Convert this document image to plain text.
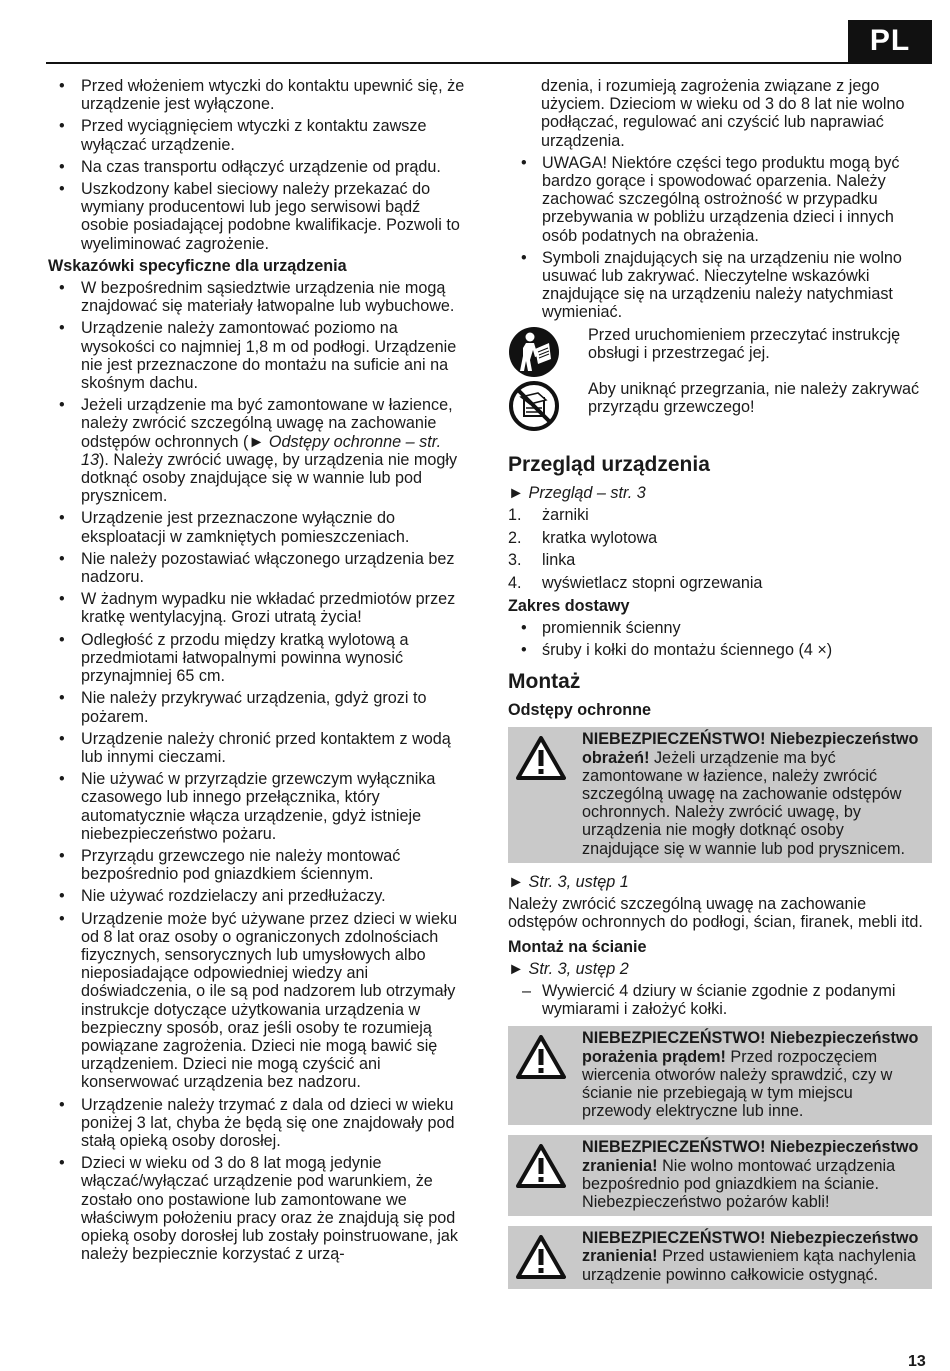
PL
• Przed włożeniem wtyczki do kontaktu upewnić się, że urządzenie jest wyłączone.
• Przed wyciągnięciem wtyczki z kontaktu zawsze wyłączać urządzenie.
• Na czas transportu odłączyć urządzenie od prądu.
• Uszkodzony kabel sieciowy należy przekazać do wymiany producentowi lub jego serwisowi bądź osobie posiadającej podobne kwalifikacje. Pozwoli to wyeliminować zagrożenie.
Wskazówki specyficzne dla urządzenia
• W bezpośrednim sąsiedztwie urządzenia nie mogą znajdować się materiały łatwopalne lub wybuchowe.
• Urządzenie należy zamontować poziomo na wysokości co najmniej 1,8 m od podłogi. Urządzenie nie jest przeznaczone do montażu na suficie ani na skośnym dachu.
• Jeżeli urządzenie ma być zamontowane w łazience, należy zwrócić szczególną uwagę na zachowanie odstępów ochronnych (► Odstępy ochronne – str. 13). Należy zwrócić uwagę, by urządzenia nie mogły dotknąć osoby znajdujące się w wannie lub pod prysznicem.
• Urządzenie jest przeznaczone wyłącznie do eksploatacji w zamkniętych pomieszczeniach.
• Nie należy pozostawiać włączonego urządzenia bez nadzoru.
• W żadnym wypadku nie wkładać przedmiotów przez kratkę wentylacyjną. Grozi utratą życia!
• Odległość z przodu między kratką wylotową a przedmiotami łatwopalnymi powinna wynosić przynajmniej 65 cm.
• Nie należy przykrywać urządzenia, gdyż grozi to pożarem.
• Urządzenie należy chronić przed kontaktem z wodą lub innymi cieczami.
• Nie używać w przyrządzie grzewczym wyłącznika czasowego lub innego przełącznika, który automatycznie włącza urządzenie, gdyż istnieje niebezpieczeństwo pożaru.
• Przyrządu grzewczego nie należy montować bezpośrednio pod gniazdkiem ściennym.
• Nie używać rozdzielaczy ani przedłużaczy.
• Urządzenie może być używane przez dzieci w wieku od 8 lat oraz osoby o ograniczonych zdolnościach fizycznych, sensorycznych lub umysłowych albo nieposiadające odpowiedniej wiedzy ani doświadczenia, o ile są pod nadzorem lub otrzymały instrukcje dotyczące użytkowania urządzenia w bezpieczny sposób, oraz jeśli osoby te rozumieją powiązane zagrożenia. Dzieci nie mogą bawić się urządzeniem. Dzieci nie mogą czyścić ani konserwować urządzenia bez nadzoru.
• Urządzenie należy trzymać z dala od dzieci w wieku poniżej 3 lat, chyba że będą się one znajdowały pod stałą opieką osoby dorosłej.
• Dzieci w wieku od 3 do 8 lat mogą jedynie włączać/wyłączać urządzenie pod warunkiem, że zostało ono postawione lub zamontowane we właściwym położeniu pracy oraz że znajdują się pod opieką osoby dorosłej lub zostały poinstruowane, jak należy bezpiecznie korzystać z urzą-
dzenia, i rozumieją zagrożenia związane z jego użyciem. Dzieciom w wieku od 3 do 8 lat nie wolno podłączać, regulować ani czyścić lub naprawiać urządzenia.
• UWAGA! Niektóre części tego produktu mogą być bardzo gorące i spowodować oparzenia. Należy zachować szczególną ostrożność w przypadku przebywania w pobliżu urządzenia dzieci i innych osób podatnych na obrażenia.
• Symboli znajdujących się na urządzeniu nie wolno usuwać lub zakrywać. Nieczytelne wskazówki znajdujące się na urządzeniu należy natychmiast wymieniać.
Przed uruchomieniem przeczytać instrukcję obsługi i przestrzegać jej.
Aby uniknąć przegrzania, nie należy zakrywać przyrządu grzewczego!
Przegląd urządzenia
► Przegląd – str. 3
1. żarniki
2. kratka wylotowa
3. linka
4. wyświetlacz stopni ogrzewania
Zakres dostawy
• promiennik ścienny
• śruby i kołki do montażu ściennego (4 ×)
Montaż
Odstępy ochronne
NIEBEZPIECZEŃSTWO! Niebezpieczeństwo obrażeń! Jeżeli urządzenie ma być zamontowane w łazience, należy zwrócić szczególną uwagę na zachowanie odstępów ochronnych. Należy zwrócić uwagę, by urządzenia nie mogły dotknąć osoby znajdujące się w wannie lub pod prysznicem.
► Str. 3, ustęp 1
Należy zwrócić szczególną uwagę na zachowanie odstępów ochronnych do podłogi, ścian, firanek, mebli itd.
Montaż na ścianie
► Str. 3, ustęp 2
– Wywiercić 4 dziury w ścianie zgodnie z podanymi wymiarami i założyć kołki.
NIEBEZPIECZEŃSTWO! Niebezpieczeństwo porażenia prądem! Przed rozpoczęciem wiercenia otworów należy sprawdzić, czy w ścianie nie przebiegają w tym miejscu przewody elektryczne lub inne.
NIEBEZPIECZEŃSTWO! Niebezpieczeństwo zranienia! Nie wolno montować urządzenia bezpośrednio pod gniazdkiem na ścianie. Niebezpieczeństwo pożarów kabli!
NIEBEZPIECZEŃSTWO! Niebezpieczeństwo zranienia! Przed ustawieniem kąta nachylenia urządzenie powinno całkowicie ostygnąć.
13
